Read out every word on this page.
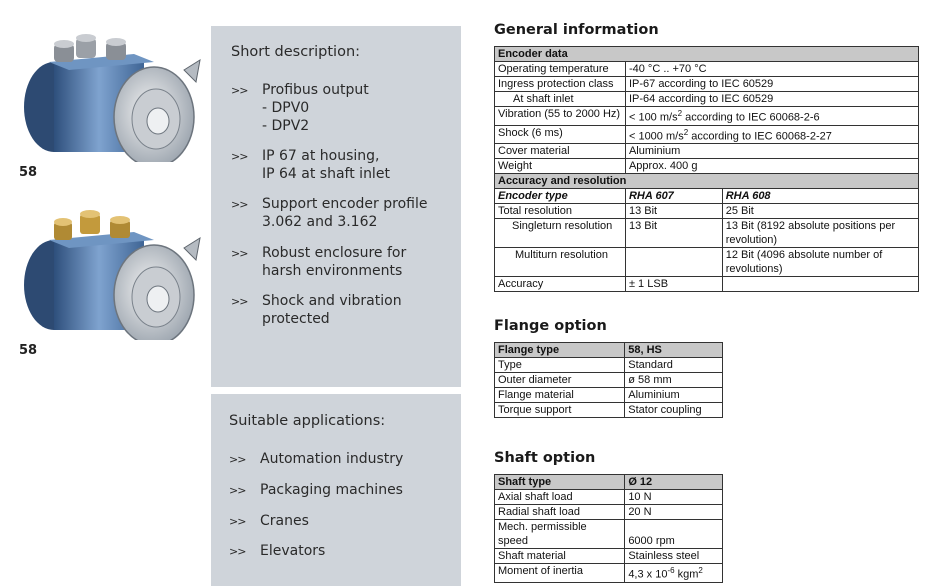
58
58
Short description:
>> Profibus output
- DPV0
- DPV2
>> IP 67 at housing,
IP 64 at shaft inlet
>> Support encoder profile
3.062 and 3.162
>> Robust enclosure for
harsh environments
>> Shock and vibration
protected
Suitable applications:
>> Automation industry
>> Packaging machines
>> Cranes
>> Elevators
General information
Encoder data		
Operating temperature	-40 °C .. +70 °C	
Ingress protection class	IP-67 according to IEC 60529	
At shaft inlet	IP-64 according to IEC 60529	
Vibration (55 to 2000 Hz)	< 100 $m/s^2$ according to IEC 60068-2-6	
Shock (6 ms)	< 1000 $m/s^2$ according to IEC 60068-2-27	
Cover material	Aluminium	
Weight	Approx. 400 g	
Accuracy and resolution		
Encoder type	RHA 607	RHA 608
Total resolution	13 Bit	25 Bit
Singleturn resolution	13 Bit	13 Bit (8192 absolute positions per revolution)
Multiturn resolution		12 Bit (4096 absolute number of revolutions)
Accuracy	± 1 LSB	
Flange option
Flange type	58, HS
Type	Standard
Outer diameter	ø 58 mm
Flange material	Aluminium
Torque support	Stator coupling
Shaft option
Shaft type	Ø 12
Axial shaft load	10 N
Radial shaft load	20 N

Mech. permissible
speed	6000 rpm
Shaft material	Stainless steel
Moment of inertia	4,3 x $10^{-6}$ kgm$^2$
